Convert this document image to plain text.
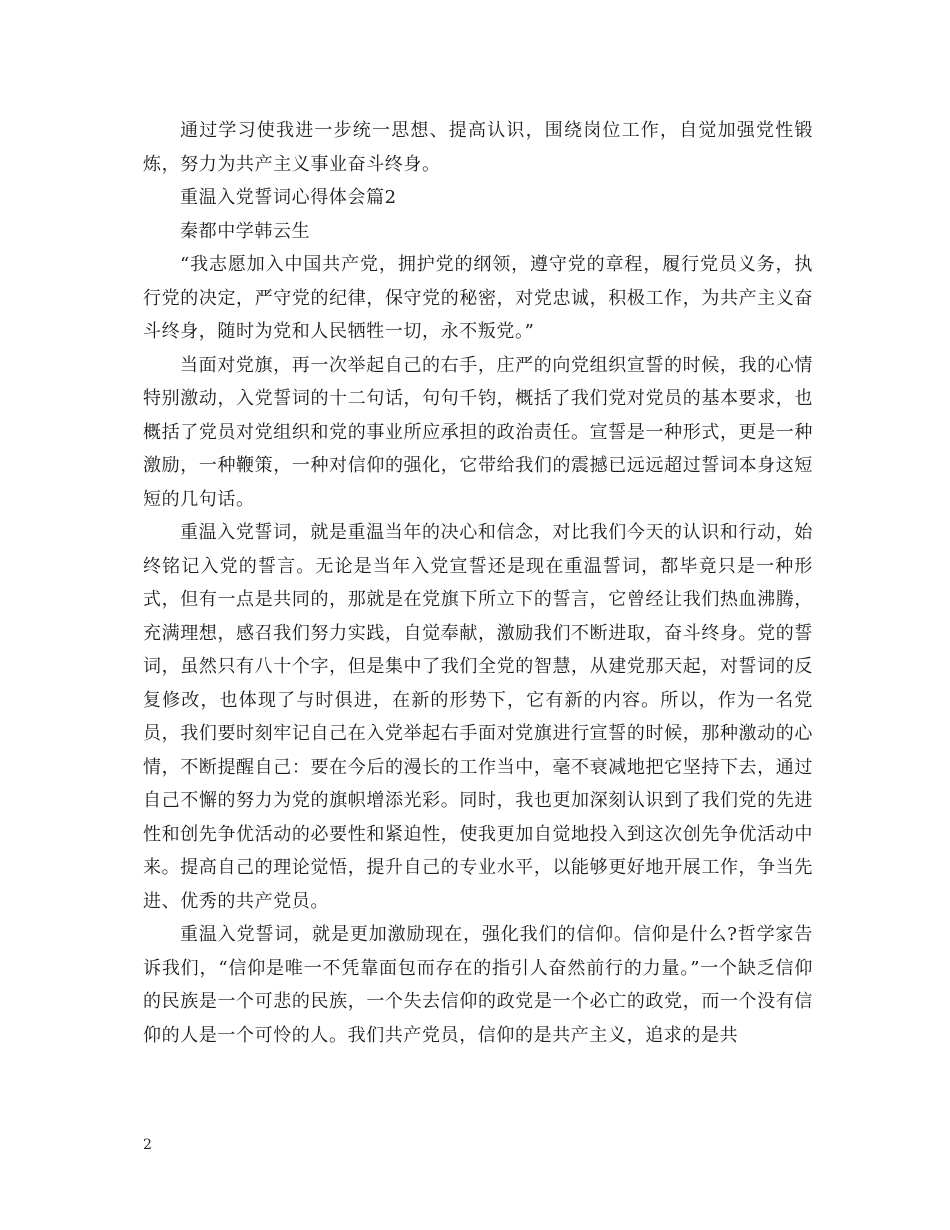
通过学习使我进一步统一思想、提高认识，围绕岗位工作，自觉加强党性锻炼，努力为共产主义事业奋斗终身。

重温入党誓词心得体会篇2

秦都中学韩云生

“我志愿加入中国共产党，拥护党的纲领，遵守党的章程，履行党员义务，执行党的决定，严守党的纪律，保守党的秘密，对党忠诚，积极工作，为共产主义奋斗终身，随时为党和人民牺牲一切，永不叛党。”

当面对党旗，再一次举起自己的右手，庄严的向党组织宣誓的时候，我的心情特别激动，入党誓词的十二句话，句句千钧，概括了我们党对党员的基本要求，也概括了党员对党组织和党的事业所应承担的政治责任。宣誓是一种形式，更是一种激励，一种鞭策，一种对信仰的强化，它带给我们的震撼已远远超过誓词本身这短短的几句话。

重温入党誓词，就是重温当年的决心和信念，对比我们今天的认识和行动，始终铭记入党的誓言。无论是当年入党宣誓还是现在重温誓词，都毕竟只是一种形式，但有一点是共同的，那就是在党旗下所立下的誓言，它曾经让我们热血沸腾，充满理想，感召我们努力实践，自觉奉献，激励我们不断进取，奋斗终身。党的誓词，虽然只有八十个字，但是集中了我们全党的智慧，从建党那天起，对誓词的反复修改，也体现了与时俱进，在新的形势下，它有新的内容。所以，作为一名党员，我们要时刻牢记自己在入党举起右手面对党旗进行宣誓的时候，那种激动的心情，不断提醒自己：要在今后的漫长的工作当中，毫不衰减地把它坚持下去，通过自己不懈的努力为党的旗帜增添光彩。同时，我也更加深刻认识到了我们党的先进性和创先争优活动的必要性和紧迫性，使我更加自觉地投入到这次创先争优活动中来。提高自己的理论觉悟，提升自己的专业水平，以能够更好地开展工作，争当先进、优秀的共产党员。

重温入党誓词，就是更加激励现在，强化我们的信仰。信仰是什么?哲学家告诉我们，“信仰是唯一不凭靠面包而存在的指引人奋然前行的力量。”一个缺乏信仰的民族是一个可悲的民族，一个失去信仰的政党是一个必亡的政党，而一个没有信仰的人是一个可怜的人。我们共产党员，信仰的是共产主义，追求的是共

2
